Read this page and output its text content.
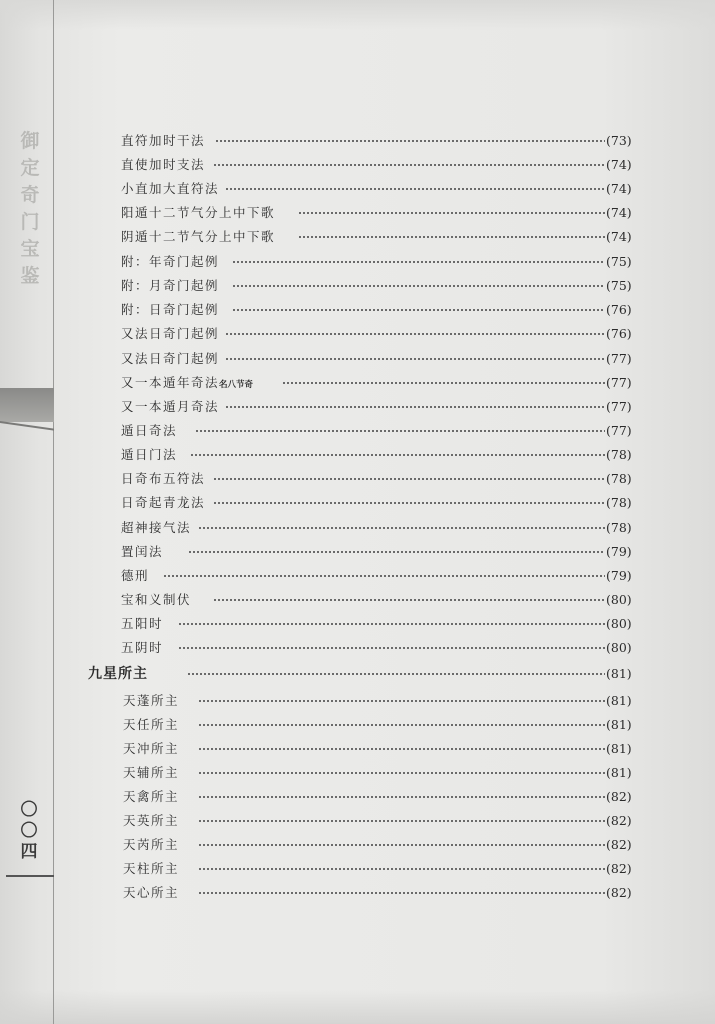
御
定
奇
门
宝
鉴
〇
〇
四
直符加时干法	(73)
直使加时支法	(74)
小直加大直符法	(74)
阳遁十二节气分上中下歌	(74)
阴遁十二节气分上中下歌	(74)
附：年奇门起例	(75)
附：月奇门起例	(75)
附：日奇门起例	(76)
又法日奇门起例	(76)
又法日奇门起例	(77)
又一本遁年奇法名八节奇	(77)
又一本遁月奇法	(77)
遁日奇法	(77)
遁日门法	(78)
日奇布五符法	(78)
日奇起青龙法	(78)
超神接气法	(78)
置闰法	(79)
德刑	(79)
宝和义制伏	(80)
五阳时	(80)
五阴时	(80)
九星所主	(81)
天蓬所主	(81)
天任所主	(81)
天冲所主	(81)
天辅所主	(81)
天禽所主	(82)
天英所主	(82)
天芮所主	(82)
天柱所主	(82)
天心所主	(82)
